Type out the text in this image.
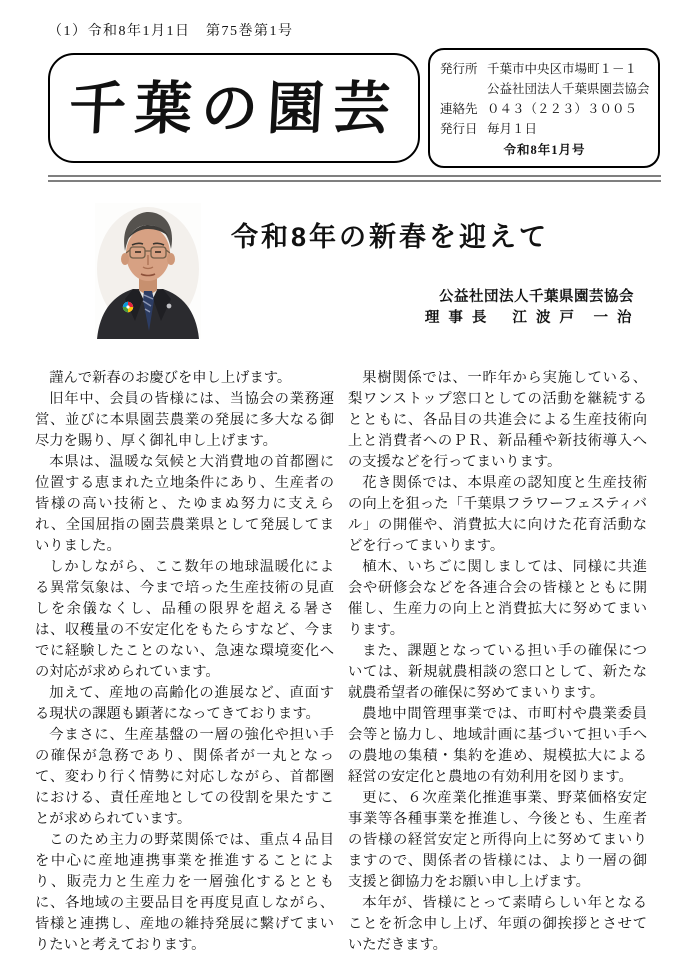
（1）令和8年1月1日　第75巻第1号
千葉の園芸
発行所 千葉市中央区市場町１－１
公益社団法人千葉県園芸協会
連絡先 ０４３（２２３）３００５
発行日 毎月１日
令和8年1月号
令和8年の新春を迎えて
公益社団法人千葉県園芸協会
理 事 長　 江 波 戸　一 治

謹んで新春のお慶びを申し上げます。

旧年中、会員の皆様には、当協会の業務運営、並びに本県園芸農業の発展に多大なる御尽力を賜り、厚く御礼申し上げます。

本県は、温暖な気候と大消費地の首都圏に位置する恵まれた立地条件にあり、生産者の皆様の高い技術と、たゆまぬ努力に支えられ、全国屈指の園芸農業県として発展してまいりました。

しかしながら、ここ数年の地球温暖化による異常気象は、今まで培った生産技術の見直しを余儀なくし、品種の限界を超える暑さは、収穫量の不安定化をもたらすなど、今までに経験したことのない、急速な環境変化への対応が求められています。

加えて、産地の高齢化の進展など、直面する現状の課題も顕著になってきております。

今まさに、生産基盤の一層の強化や担い手の確保が急務であり、関係者が一丸となって、変わり行く情勢に対応しながら、首都圏における、責任産地としての役割を果たすことが求められています。

このため主力の野菜関係では、重点４品目を中心に産地連携事業を推進することにより、販売力と生産力を一層強化するとともに、各地域の主要品目を再度見直しながら、皆様と連携し、産地の維持発展に繋げてまいりたいと考えております。

果樹関係では、一昨年から実施している、梨ワンストップ窓口としての活動を継続するとともに、各品目の共進会による生産技術向上と消費者へのＰＲ、新品種や新技術導入への支援などを行ってまいります。

花き関係では、本県産の認知度と生産技術の向上を狙った「千葉県フラワーフェスティバル」の開催や、消費拡大に向けた花育活動などを行ってまいります。

植木、いちごに関しましては、同様に共進会や研修会などを各連合会の皆様とともに開催し、生産力の向上と消費拡大に努めてまいります。

また、課題となっている担い手の確保については、新規就農相談の窓口として、新たな就農希望者の確保に努めてまいります。

農地中間管理事業では、市町村や農業委員会等と協力し、地域計画に基づいて担い手への農地の集積・集約を進め、規模拡大による経営の安定化と農地の有効利用を図ります。

更に、６次産業化推進事業、野菜価格安定事業等各種事業を推進し、今後とも、生産者の皆様の経営安定と所得向上に努めてまいりますので、関係者の皆様には、より一層の御支援と御協力をお願い申し上げます。

本年が、皆様にとって素晴らしい年となることを祈念申し上げ、年頭の御挨拶とさせていただきます。
